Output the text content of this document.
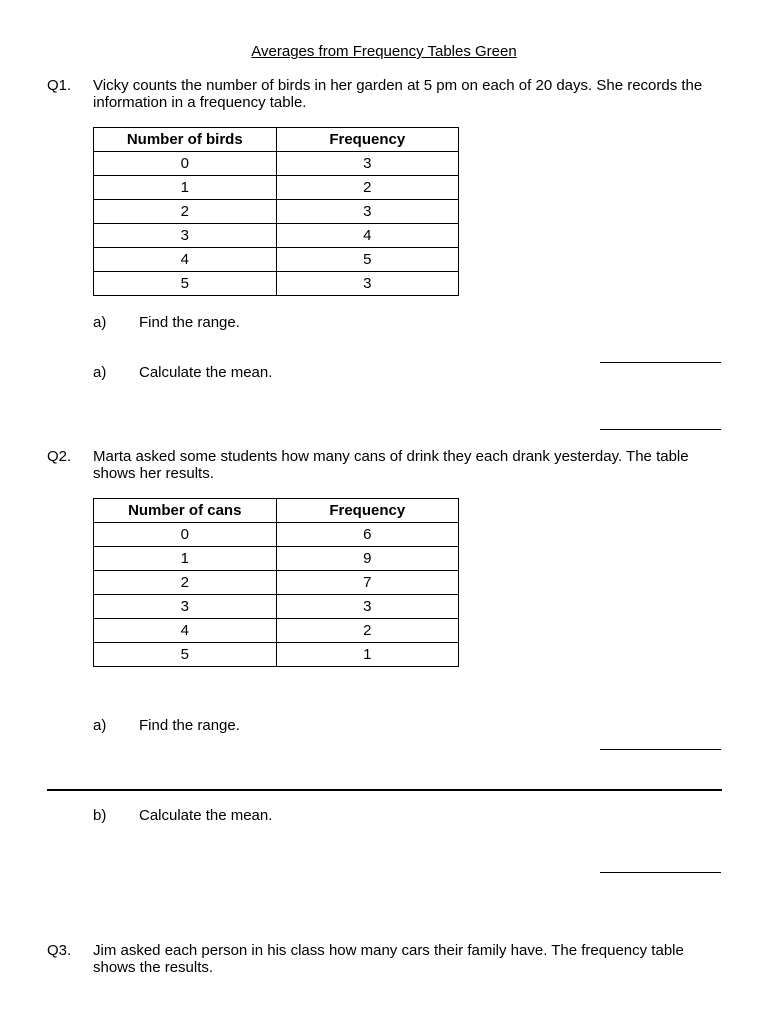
Averages from Frequency Tables Green
Q1. Vicky counts the number of birds in her garden at 5 pm on each of 20 days. She records the information in a frequency table.
Number of birds	Frequency
0	3
1	2
2	3
3	4
4	5
5	3
a) Find the range.
a) Calculate the mean.
Q2. Marta asked some students how many cans of drink they each drank yesterday. The table shows her results.
Number of cans	Frequency
0	6
1	9
2	7
3	3
4	2
5	1
a) Find the range.
b) Calculate the mean.
Q3. Jim asked each person in his class how many cars their family have. The frequency table shows the results.
